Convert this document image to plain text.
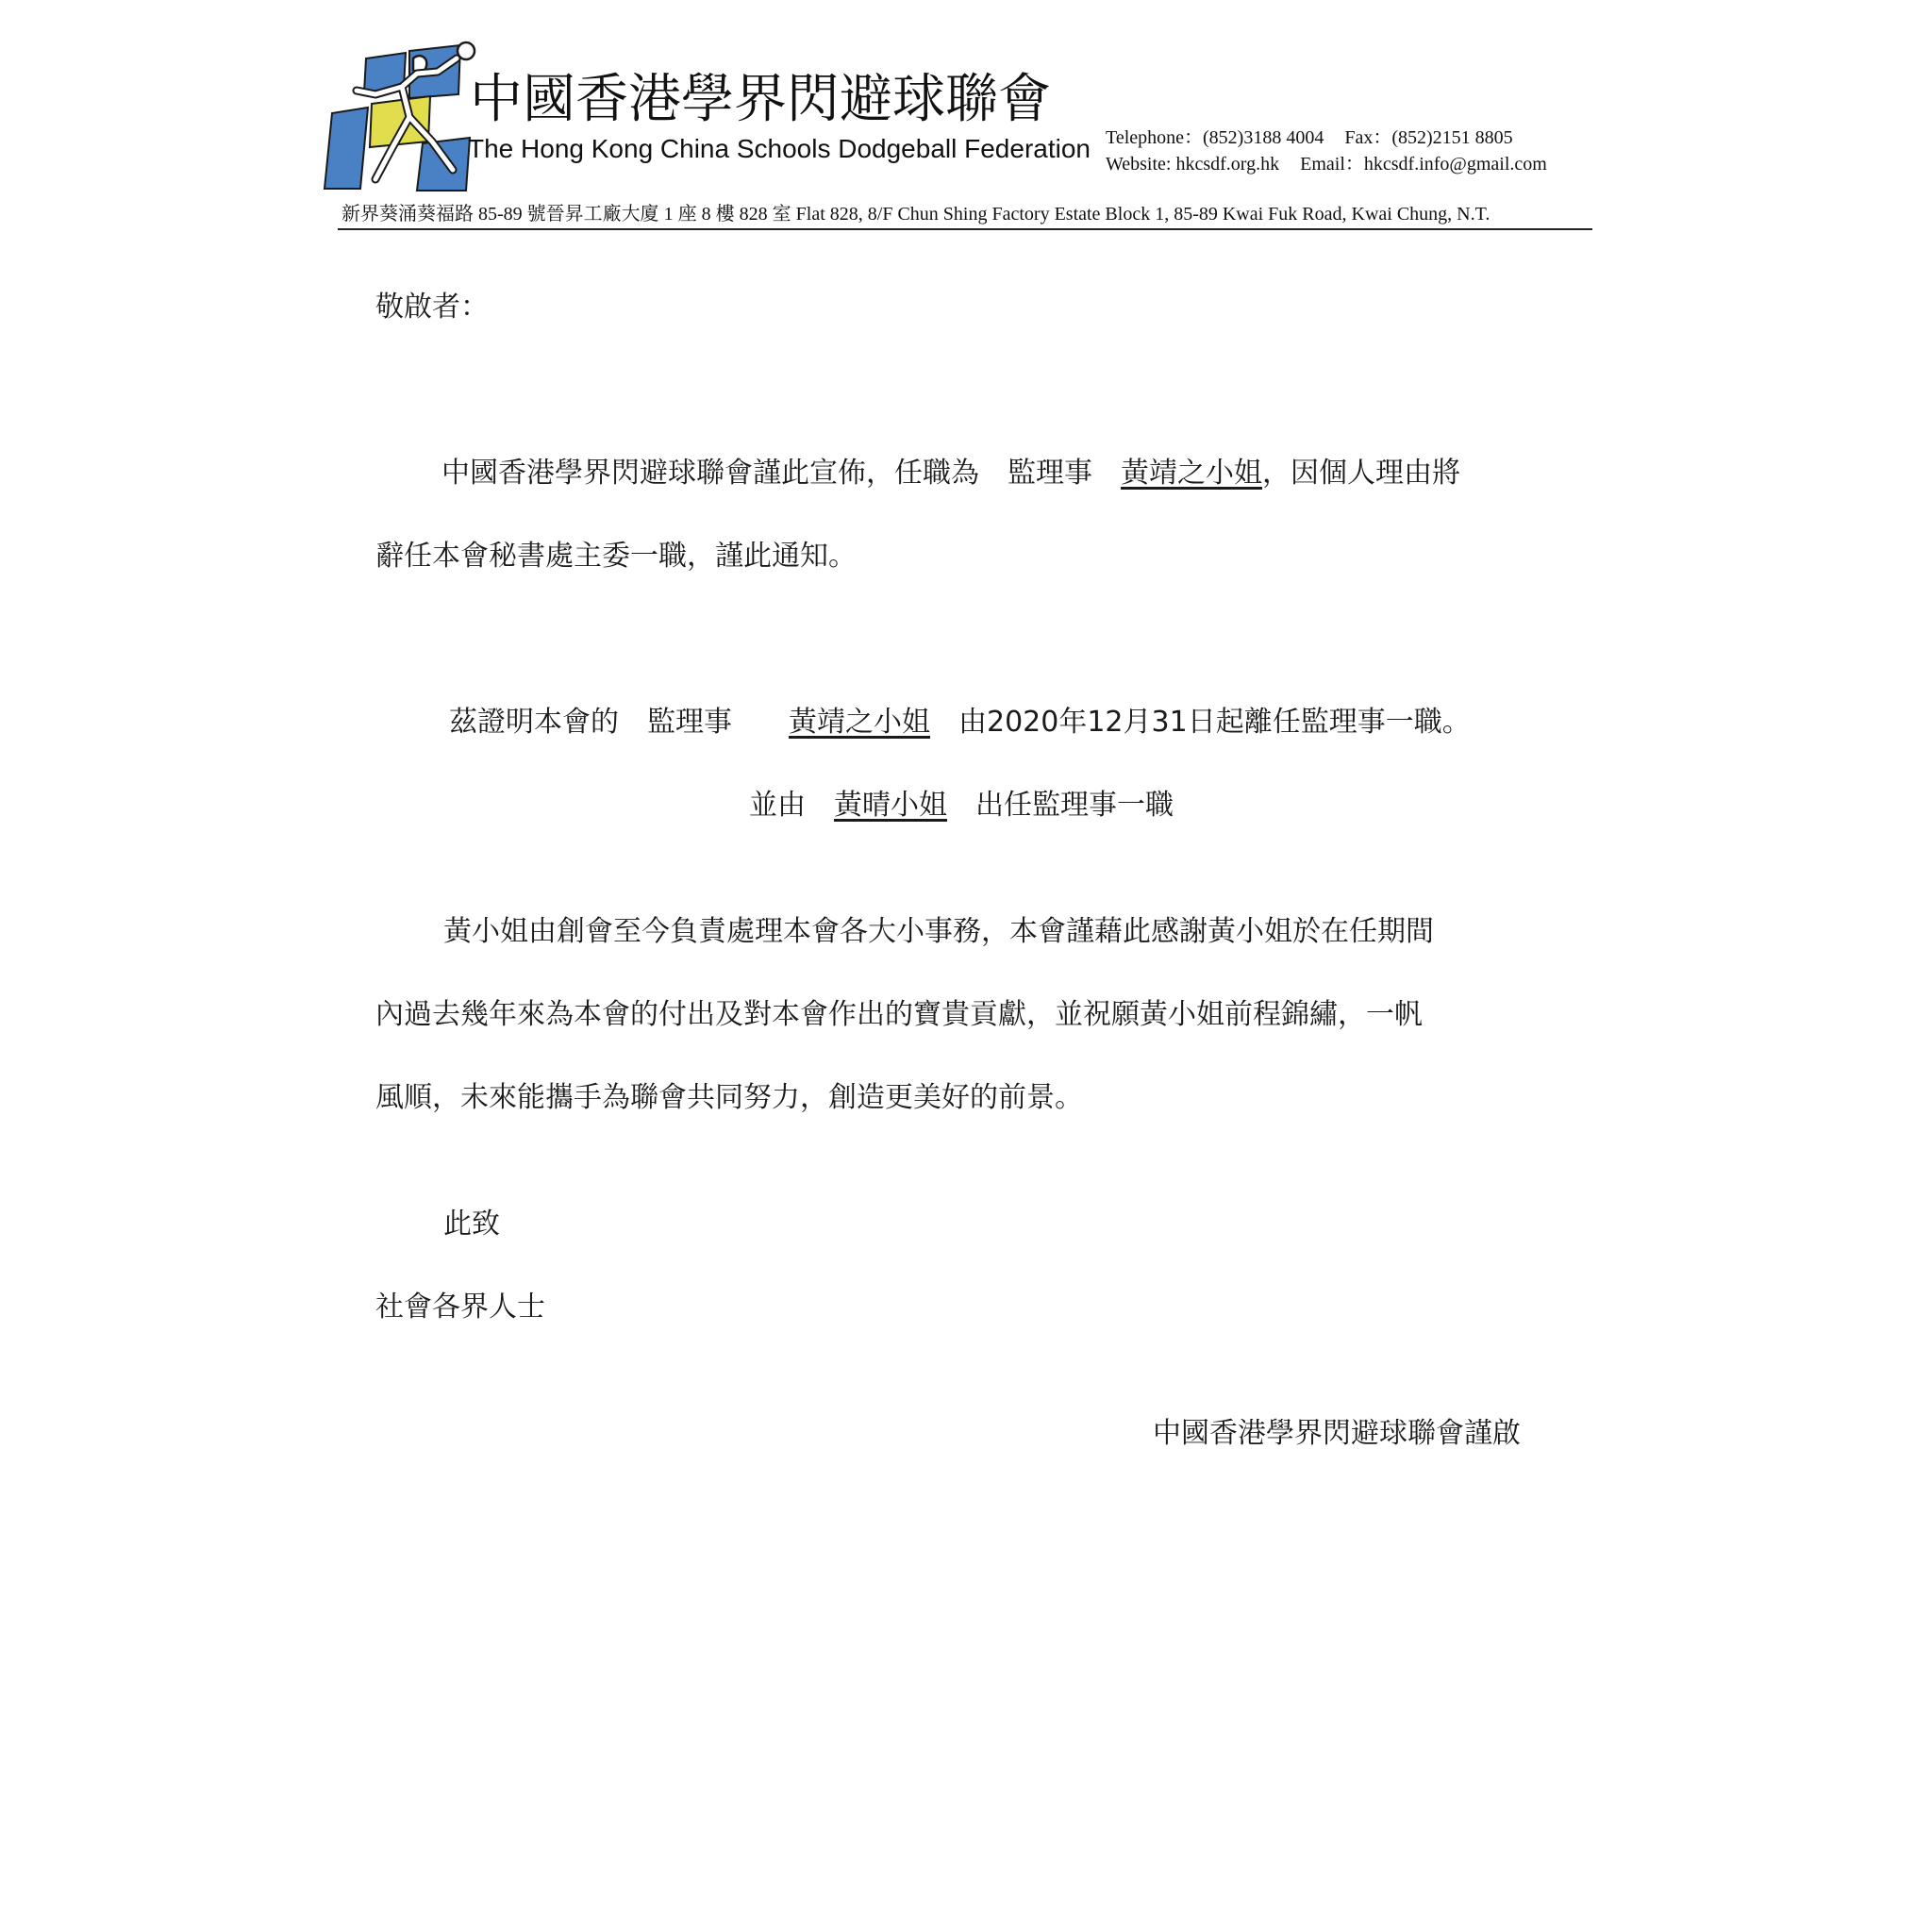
中國香港學界閃避球聯會
The Hong Kong China Schools Dodgeball Federation Telephone：(852)3188 4004 Fax：(852)2151 8805
Website: hkcsdf.org.hk Email：hkcsdf.info@gmail.com
新界葵涌葵福路 85-89 號晉昇工廠大廈 1 座 8 樓 828 室 Flat 828, 8/F Chun Shing Factory Estate Block 1, 85-89 Kwai Fuk Road, Kwai Chung, N.T.
敬啟者：
中國香港學界閃避球聯會謹此宣佈，任職為 監理事 黃靖之小姐，因個人理由將
辭任本會秘書處主委一職，謹此通知。
茲證明本會的 監理事 黃靖之小姐 由2020年12月31日起離任監理事一職。
並由 黃晴小姐 出任監理事一職
黃小姐由創會至今負責處理本會各大小事務，本會謹藉此感謝黃小姐於在任期間
內過去幾年來為本會的付出及對本會作出的寶貴貢獻，並祝願黃小姐前程錦繡，一帆
風順，未來能攜手為聯會共同努力，創造更美好的前景。
此致
社會各界人士
中國香港學界閃避球聯會謹啟
